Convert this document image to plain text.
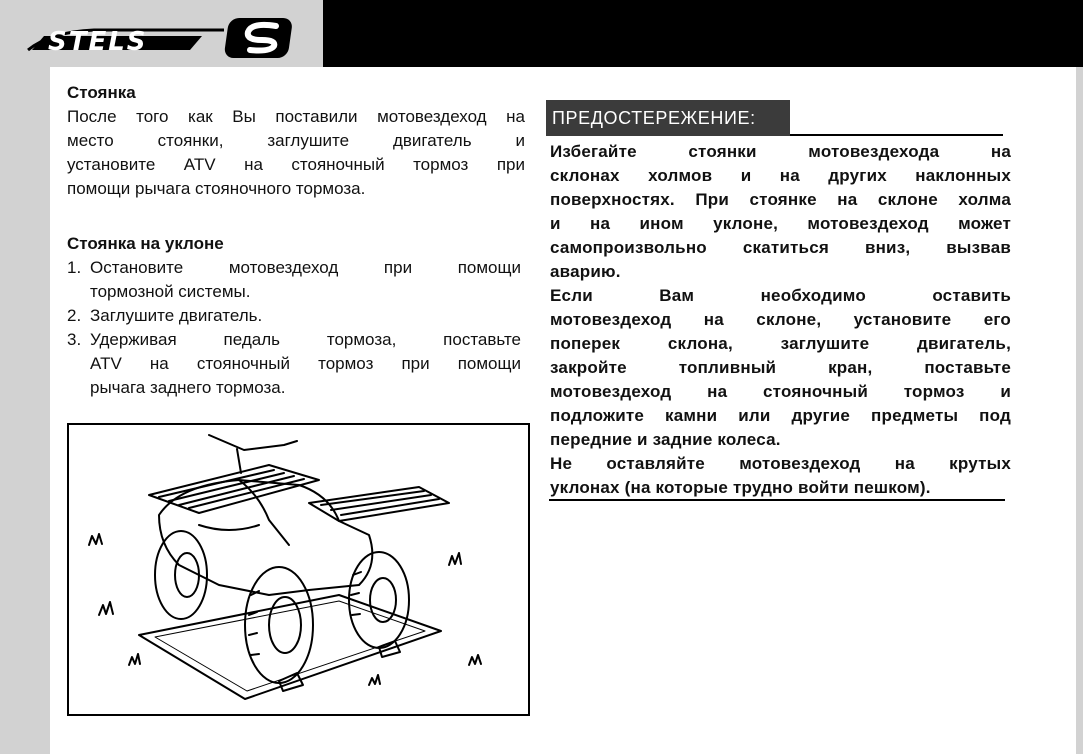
STELS
Стоянка
После того как Вы поставили мотовездеход на
место стоянки, заглушите двигатель и
установите ATV на стояночный тормоз при
помощи рычага стояночного тормоза.
Стоянка на уклоне
1. Остановите мотовездеход при помощи
тормозной системы.
2. Заглушите двигатель.
3. Удерживая педаль тормоза, поставьте
ATV на стояночный тормоз при помощи
рычага заднего тормоза.
ПРЕДОСТЕРЕЖЕНИЕ:
Избегайте стоянки мотовездехода на
склонах холмов и на других наклонных
поверхностях. При стоянке на склоне холма
и на ином уклоне, мотовездеход может
самопроизвольно скатиться вниз, вызвав
аварию.
Если Вам необходимо оставить
мотовездеход на склоне, установите его
поперек склона, заглушите двигатель,
закройте топливный кран, поставьте
мотовездеход на стояночный тормоз и
подложите камни или другие предметы под
передние и задние колеса.
Не оставляйте мотовездеход на крутых
уклонах (на которые трудно войти пешком).
